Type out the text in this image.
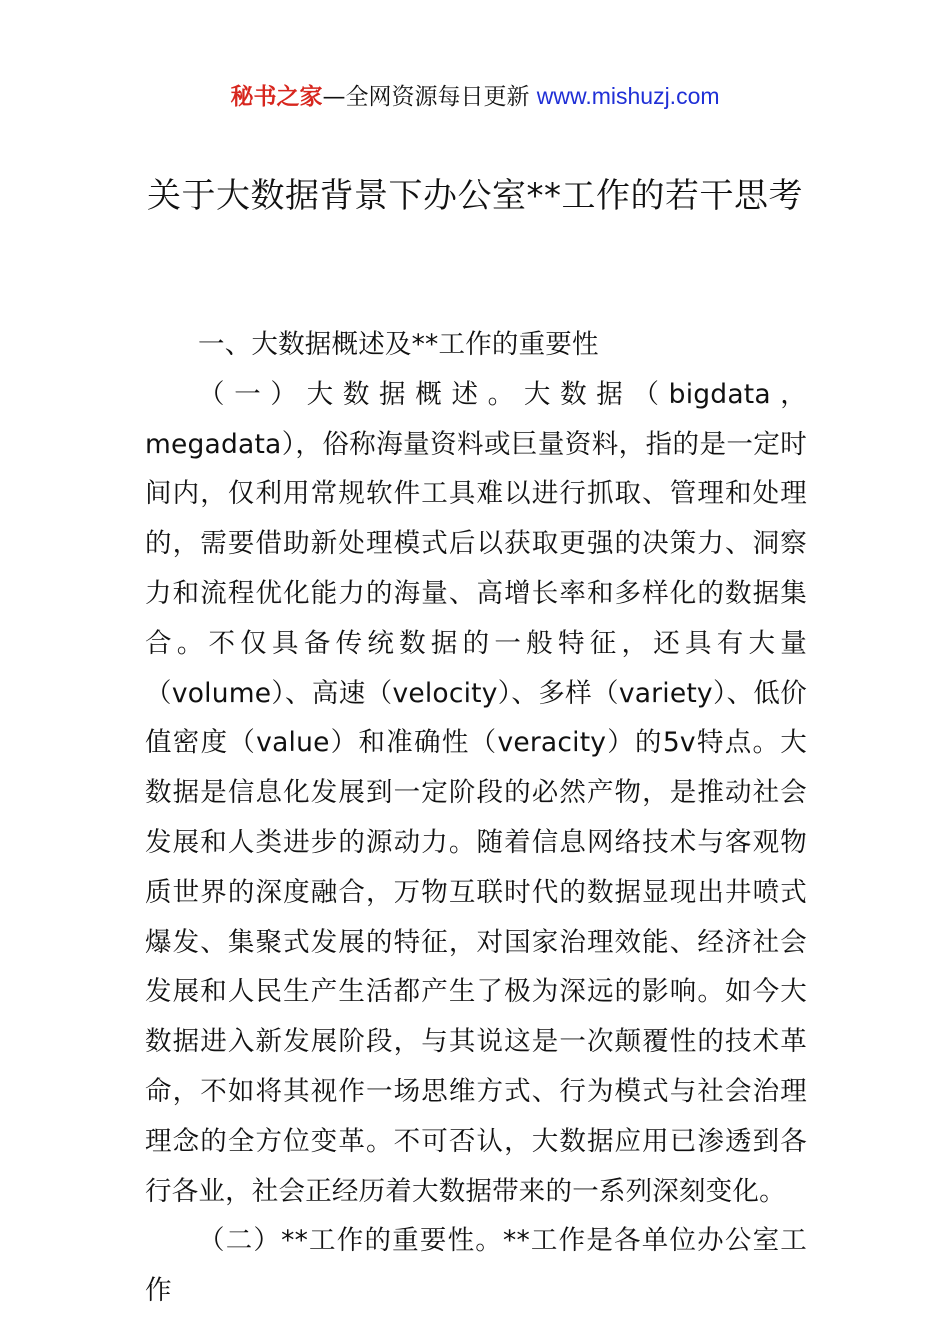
秘书之家—全网资源每日更新 www.mishuzj.com
关于大数据背景下办公室**工作的若干思考

一、大数据概述及**工作的重要性

（一）大数据概述。大数据（bigdata，megadata），俗称海量资料或巨量资料，指的是一定时间内，仅利用常规软件工具难以进行抓取、管理和处理的，需要借助新处理模式后以获取更强的决策力、洞察力和流程优化能力的海量、高增长率和多样化的数据集合。不仅具备传统数据的一般特征，还具有大量（volume）、高速（velocity）、多样（variety）、低价值密度（value）和准确性（veracity）的5v特点。大数据是信息化发展到一定阶段的必然产物，是推动社会发展和人类进步的源动力。随着信息网络技术与客观物质世界的深度融合，万物互联时代的数据显现出井喷式爆发、集聚式发展的特征，对国家治理效能、经济社会发展和人民生产生活都产生了极为深远的影响。如今大数据进入新发展阶段，与其说这是一次颠覆性的技术革命，不如将其视作一场思维方式、行为模式与社会治理理念的全方位变革。不可否认，大数据应用已渗透到各行各业，社会正经历着大数据带来的一系列深刻变化。

（二）**工作的重要性。**工作是各单位办公室工作
